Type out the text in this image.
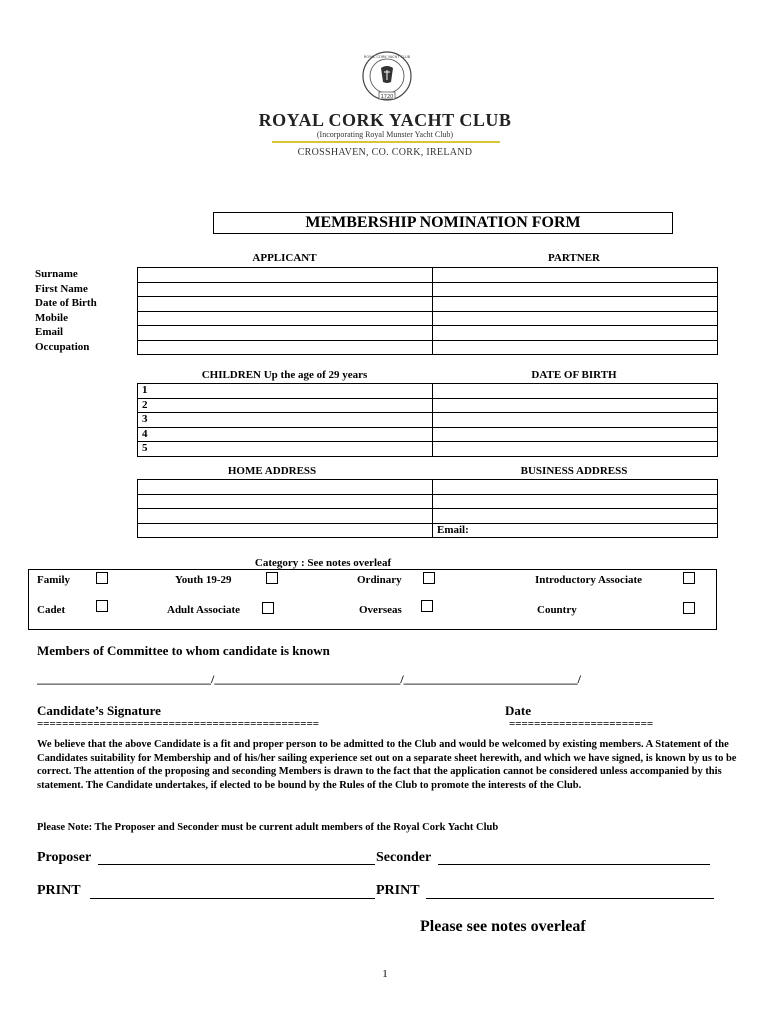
1720
ROYAL CORK YACHT CLUB
ROYAL CORK YACHT CLUB
(Incorporating Royal Munster Yacht Club)
CROSSHAVEN, CO. CORK, IRELAND
MEMBERSHIP NOMINATION FORM
APPLICANT	PARTNER
Surname
First Name
Date of Birth
Mobile
Email
Occupation

CHILDREN Up the age of 29 years	DATE OF BIRTH
1	
2	
3	
4	
5	
HOME ADDRESS	BUSINESS ADDRESS

	Email:
Category : See notes overleaf
Family	Youth 19-29	Ordinary	Introductory Associate
Cadet	Adult Associate	Overseas	Country
Members of Committee to whom candidate is known
_____________________________/_______________________________/_____________________________/
Candidate’s Signature	Date
=============================================	=======================
We believe that the above Candidate is a fit and proper person to be admitted to the Club and would be welcomed by existing members. A Statement of the Candidates suitability for Membership and of his/her sailing experience set out on a separate sheet herewith, and which we have signed, is known by us to be correct. The attention of the proposing and seconding Members is drawn to the fact that the application cannot be considered unless accompanied by this statement. The Candidate undertakes, if elected to be bound by the Rules of the Club to promote the interests of the Club.
Please Note: The Proposer and Seconder must be current adult members of the Royal Cork Yacht Club
Proposer	Seconder
PRINT	PRINT
Please see notes overleaf
1
